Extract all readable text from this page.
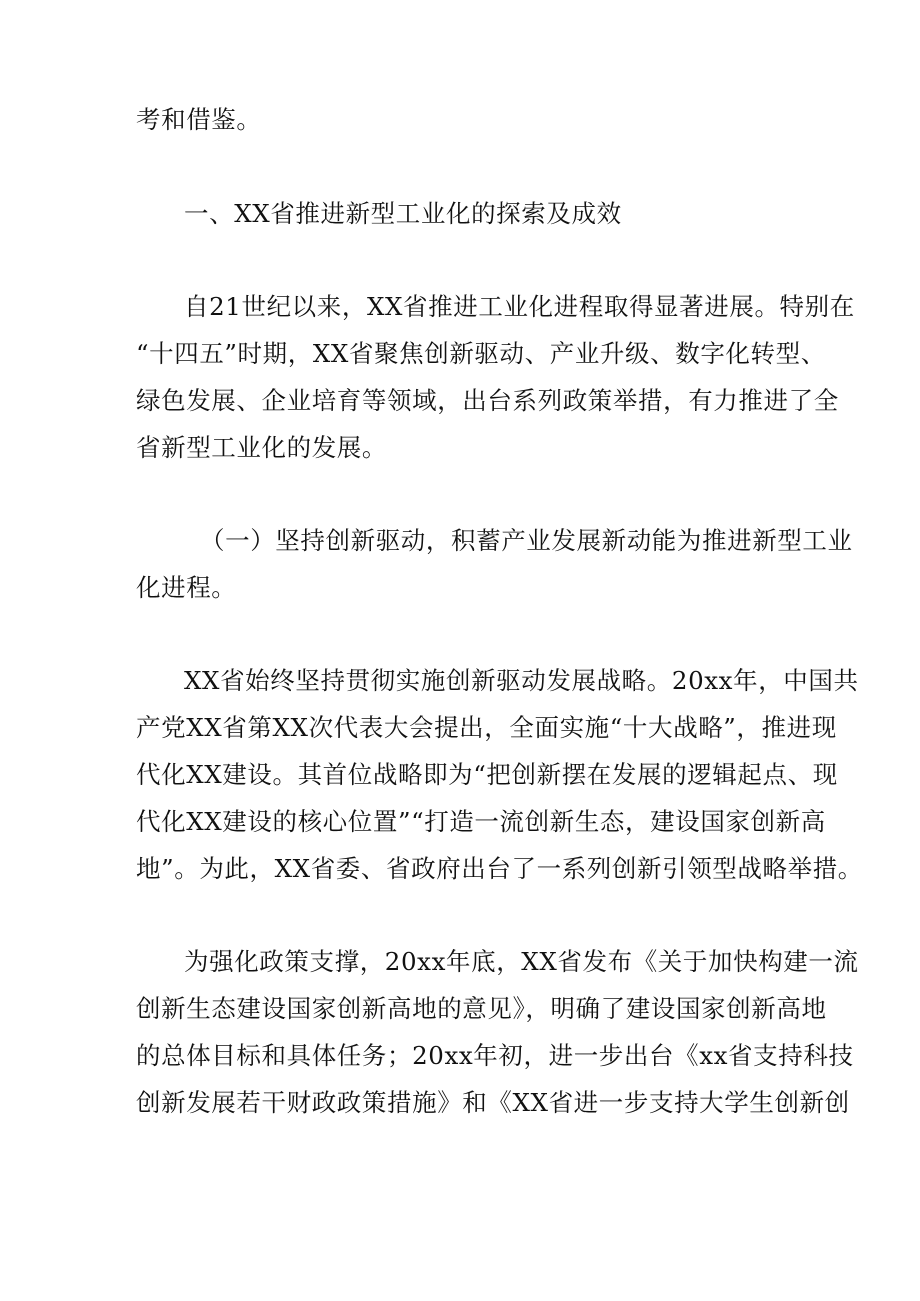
考和借鉴。
一、XX省推进新型工业化的探索及成效
自21世纪以来，XX省推进工业化进程取得显著进展。特别在
“十四五”时期，XX省聚焦创新驱动、产业升级、数字化转型、
绿色发展、企业培育等领域，出台系列政策举措，有力推进了全
省新型工业化的发展。
（一）坚持创新驱动，积蓄产业发展新动能为推进新型工业
化进程。
XX省始终坚持贯彻实施创新驱动发展战略。20xx年，中国共
产党XX省第XX次代表大会提出，全面实施“十大战略”，推进现
代化XX建设。其首位战略即为“把创新摆在发展的逻辑起点、现
代化XX建设的核心位置”“打造一流创新生态，建设国家创新高
地”。为此，XX省委、省政府出台了一系列创新引领型战略举措。
为强化政策支撑，20xx年底，XX省发布《关于加快构建一流
创新生态建设国家创新高地的意见》，明确了建设国家创新高地
的总体目标和具体任务；20xx年初，进一步出台《xx省支持科技
创新发展若干财政政策措施》和《XX省进一步支持大学生创新创
